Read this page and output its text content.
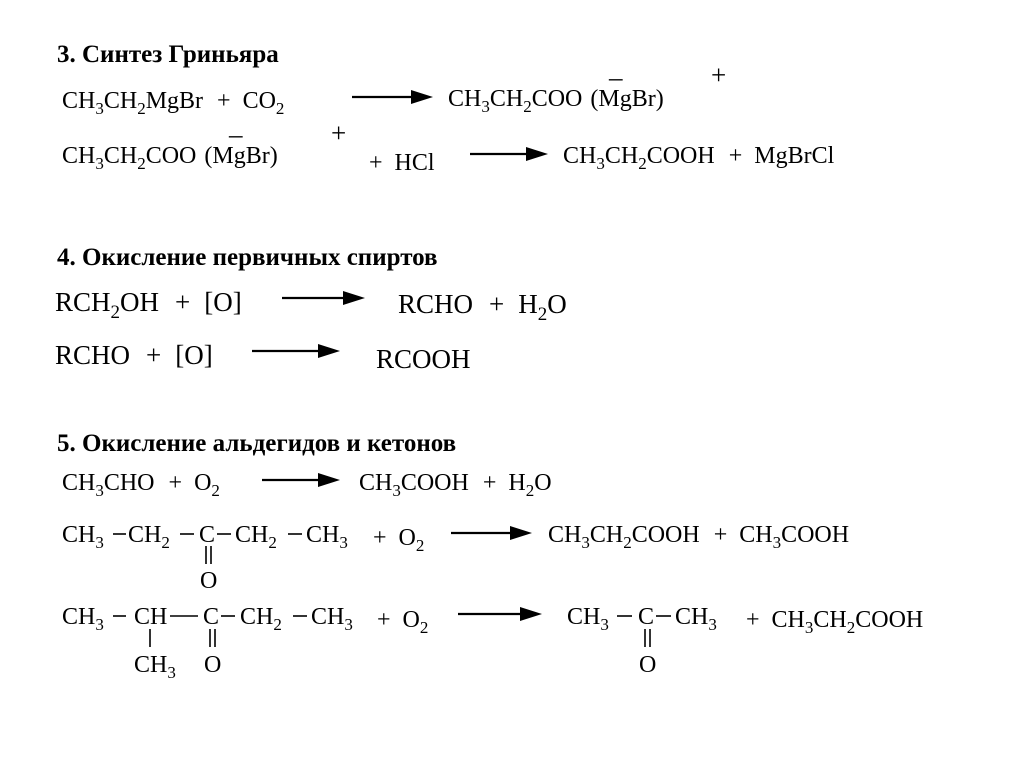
3. Синтез Гриньяра
$CH_3CH_2MgBr + CO_2$	$CH_3CH_2COO$ (MgBr)
–	+
$CH_3CH_2COO$ (MgBr)
–	+
+ HCl	$CH_3CH_2COOH$ + MgBrCl
4. Окисление первичных спиртов
$RCH_2OH + [O]$	RCHO + $H_2O$
RCHO + [O]	RCOOH
5. Окисление альдегидов и кетонов
$CH_3CHO + O_2$	$CH_3COOH + H_2O$
$CH_3$ $CH_2$ C $CH_2$ $CH_3$
O
+ $O_2$	$CH_3CH_2COOH$ + $CH_3COOH$
$CH_3$ CH C $CH_2$ $CH_3$
$CH_3$ O
+ $O_2$	$CH_3$ C $CH_3$
O
+ $CH_3CH_2COOH$
